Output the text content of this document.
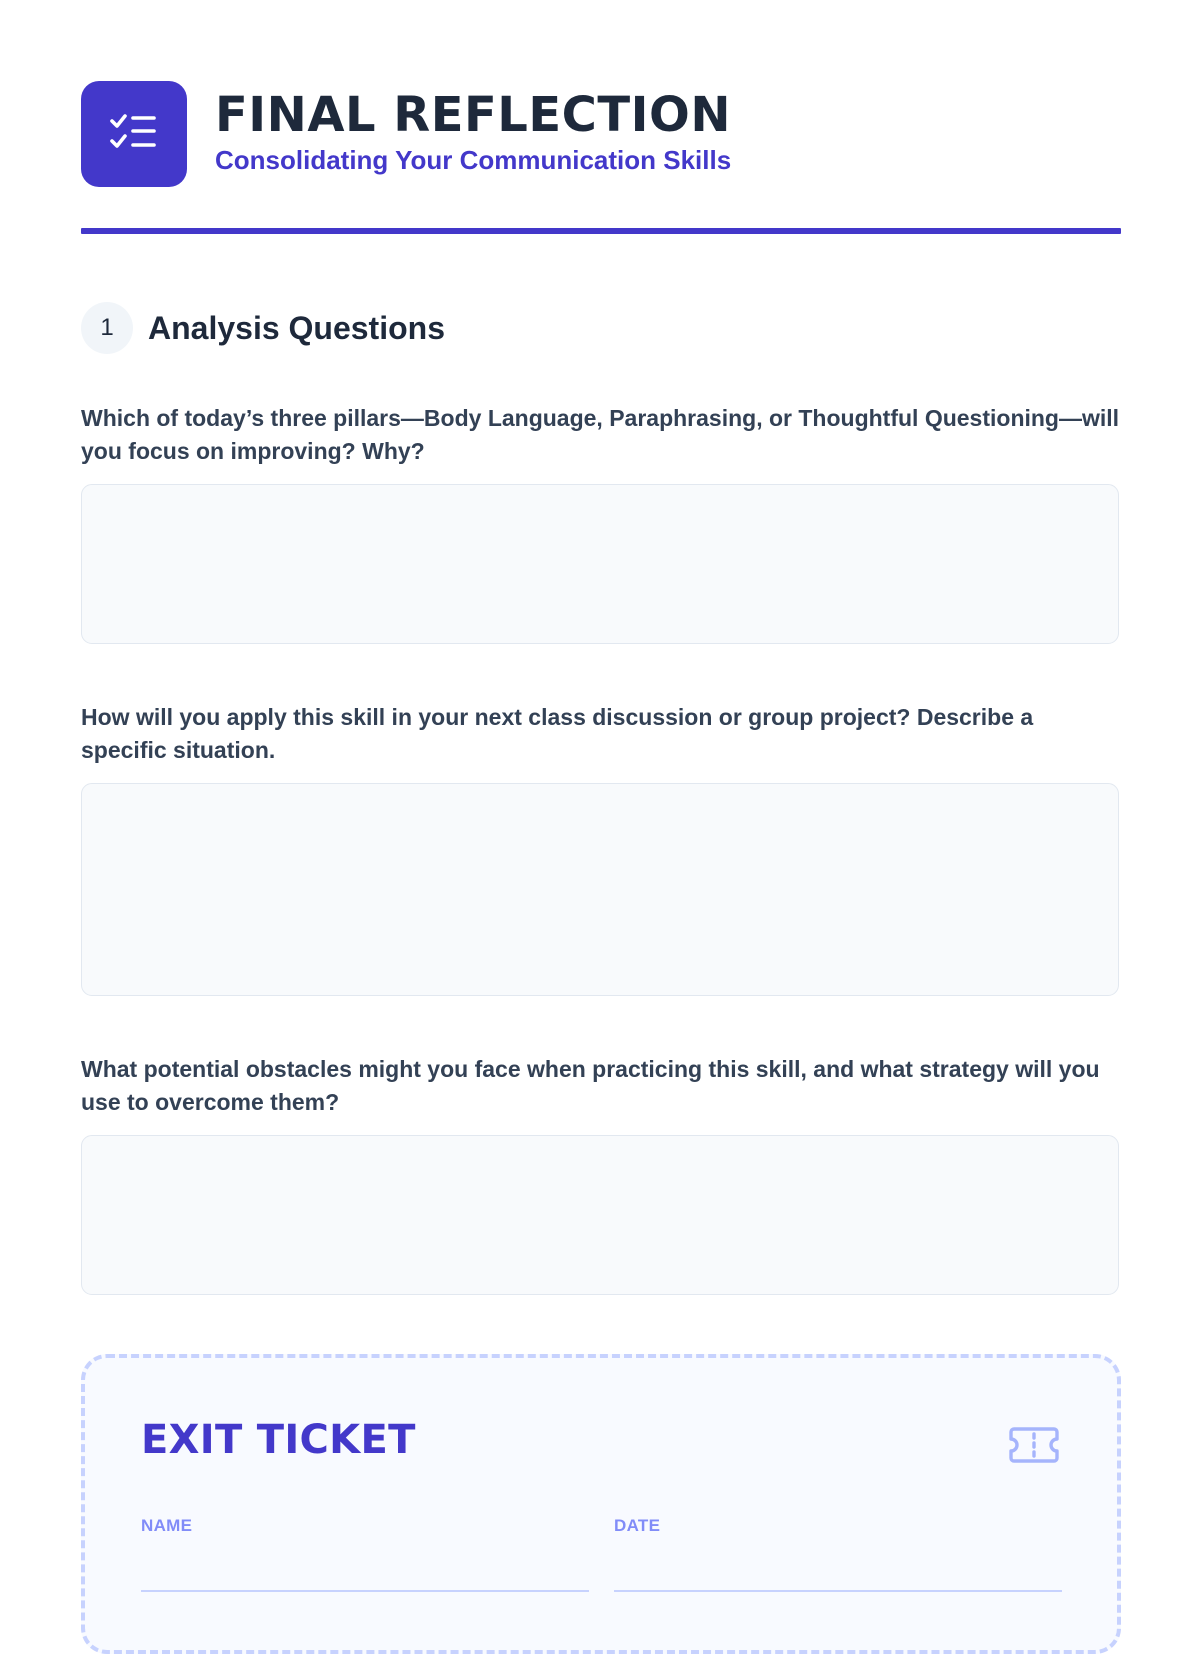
FINAL REFLECTION
Consolidating Your Communication Skills
1	Analysis Questions
Which of today’s three pillars—Body Language, Paraphrasing, or Thoughtful Questioning—will you focus on improving? Why?
How will you apply this skill in your next class discussion or group project? Describe a specific situation.
What potential obstacles might you face when practicing this skill, and what strategy will you use to overcome them?
EXIT TICKET
NAME	DATE
